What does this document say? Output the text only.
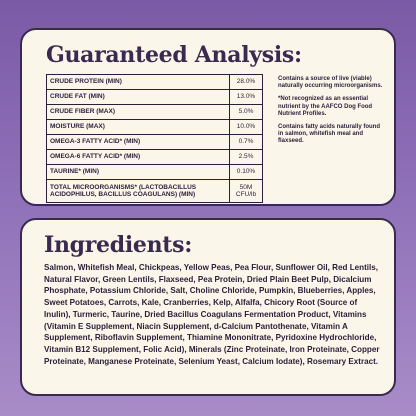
Guaranteed Analysis:
CRUDE PROTEIN (MIN)	28.0%
CRUDE FAT (MIN)	13.0%
CRUDE FIBER (MAX)	5.0%
MOISTURE (MAX)	10.0%
OMEGA-3 FATTY ACID* (MIN)	0.7%
OMEGA-6 FATTY ACID* (MIN)	2.5%
TAURINE* (MIN)	0.10%
TOTAL MICROORGANISMS* (LACTOBACILLUS ACIDOPHILUS, BACILLUS COAGULANS) (MIN)	50M CFU/lb

Contains a source of live (viable) naturally occurring microorganisms.

*Not recognized as an essential nutrient by the AAFCO Dog Food Nutrient Profiles.

Contains fatty acids naturally found in salmon, whitefish meal and flaxseed.

Ingredients:
Salmon, Whitefish Meal, Chickpeas, Yellow Peas, Pea Flour, Sunflower Oil, Red Lentils, Natural Flavor, Green Lentils, Flaxseed, Pea Protein, Dried Plain Beet Pulp, Dicalcium Phosphate, Potassium Chloride, Salt, Choline Chloride, Pumpkin, Blueberries, Apples, Sweet Potatoes, Carrots, Kale, Cranberries, Kelp, Alfalfa, Chicory Root (Source of Inulin), Turmeric, Taurine, Dried Bacillus Coagulans Fermentation Product, Vitamins (Vitamin E Supplement, Niacin Supplement, d-Calcium Pantothenate, Vitamin A Supplement, Riboflavin Supplement, Thiamine Mononitrate, Pyridoxine Hydrochloride, Vitamin B12 Supplement, Folic Acid), Minerals (Zinc Proteinate, Iron Proteinate, Copper Proteinate, Manganese Proteinate, Selenium Yeast, Calcium Iodate), Rosemary Extract.
